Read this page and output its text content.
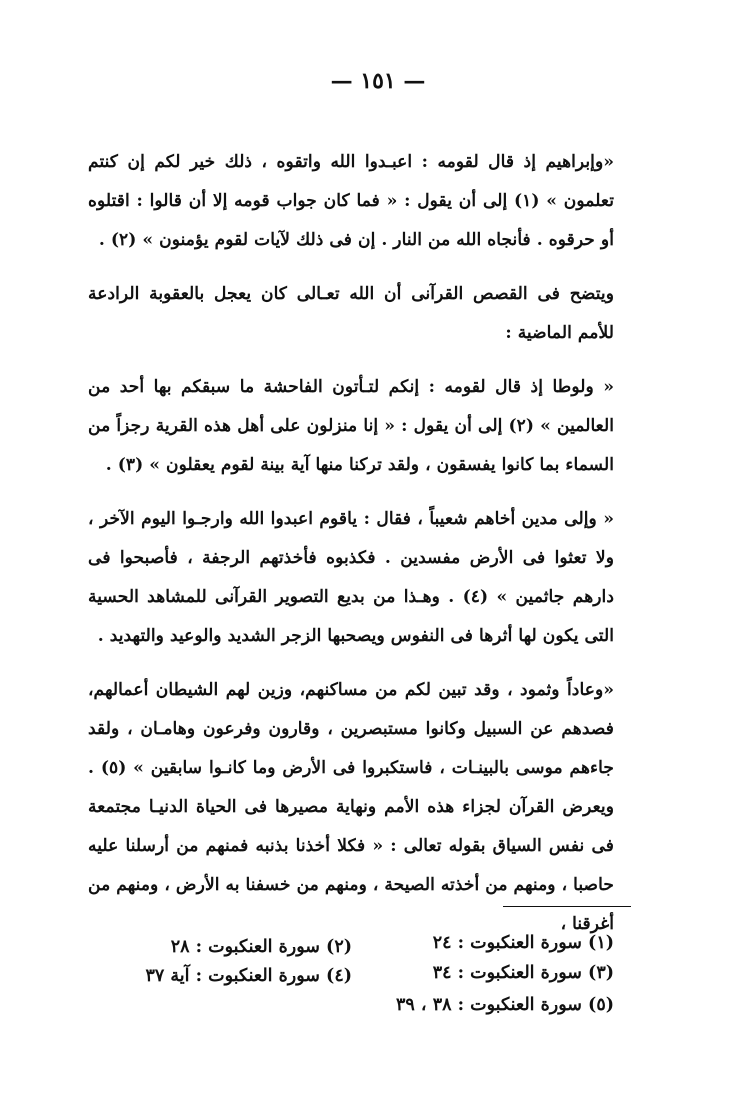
— ١٥١ —

«وإبراهيم إذ قال لقومه : اعبـدوا الله واتقوه ، ذلك خير لكم إن كنتم تعلمون » (١) إلى أن يقول : « فما كان جواب قومه إلا أن قالوا : اقتلوه أو حرقوه . فأنجاه الله من النار . إن فى ذلك لآيات لقوم يؤمنون » (٢) .

ويتضح فى القصص القرآنى أن الله تعـالى كان يعجل بالعقوبة الرادعة للأمم الماضية :

« ولوطا إذ قال لقومه : إنكم لتـأتون الفاحشة ما سبقكم بها أحد من العالمين » (٢) إلى أن يقول : « إنا منزلون على أهل هذه القرية رجزاً من السماء بما كانوا يفسقون ، ولقد تركنا منها آية بينة لقوم يعقلون » (٣) .

« وإلى مدين أخاهم شعيباً ، فقال : ياقوم اعبدوا الله وارجـوا اليوم الآخر ، ولا تعثوا فى الأرض مفسدين . فكذبوه فأخذتهم الرجفة ، فأصبحوا فى دارهم جاثمين » (٤) . وهـذا من بديع التصوير القرآنى للمشاهد الحسية التى يكون لها أثرها فى النفوس ويصحبها الزجر الشديد والوعيد والتهديد .

«وعاداً وثمود ، وقد تبين لكم من مساكنهم، وزين لهم الشيطان أعمالهم، فصدهم عن السبيل وكانوا مستبصرين ، وقارون وفرعون وهامـان ، ولقد جاءهم موسى بالبينـات ، فاستكبروا فى الأرض وما كانـوا سابقين » (٥) . ويعرض القرآن لجزاء هذه الأمم ونهاية مصيرها فى الحياة الدنيـا مجتمعة فى نفس السياق بقوله تعالى : « فكلا أخذنا بذنبه فمنهم من أرسلنا عليه حاصبا ، ومنهم من أخذته الصيحة ، ومنهم من خسفنا به الأرض ، ومنهم من أغرقنا ،

(١) سورة العنكبوت : ٢٤
(٢) سورة العنكبوت : ٢٨
(٣) سورة العنكبوت : ٣٤
(٤) سورة العنكبوت : آية ٣٧
(٥) سورة العنكبوت : ٣٨ ، ٣٩
